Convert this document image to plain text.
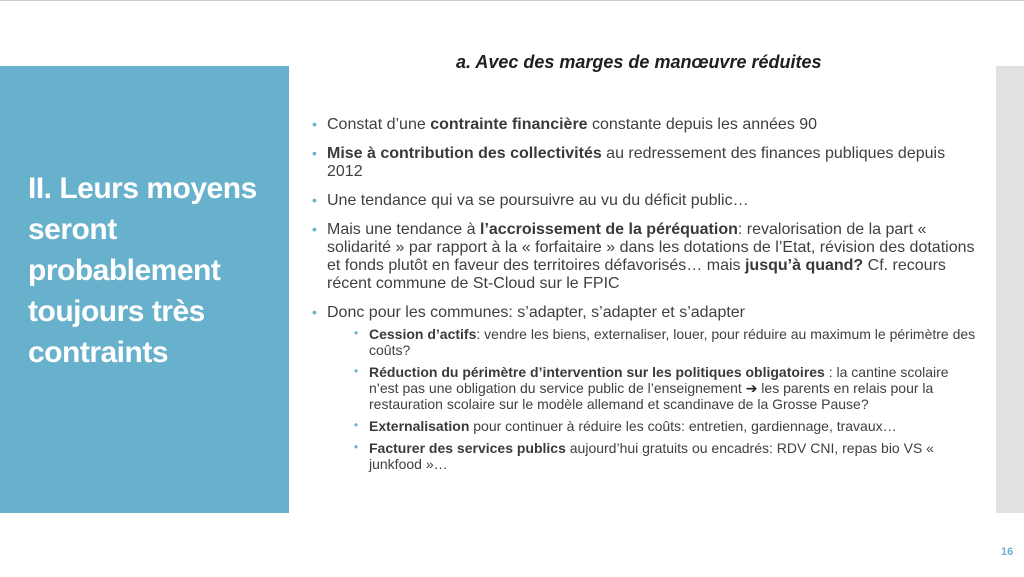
II. Leurs moyens seront probablement toujours très contraints
a. Avec des marges de manœuvre réduites
• Constat d’une contrainte financière constante depuis les années 90
• Mise à contribution des collectivités au redressement des finances publiques depuis 2012
• Une tendance qui va se poursuivre au vu du déficit public…
• Mais une tendance à l’accroissement de la péréquation: revalorisation de la part « solidarité » par rapport à la « forfaitaire » dans les dotations de l’Etat, révision des dotations et fonds plutôt en faveur des territoires défavorisés… mais jusqu’à quand? Cf. recours récent commune de St-Cloud sur le FPIC
• Donc pour les communes: s’adapter, s’adapter et s’adapter
• Cession d’actifs: vendre les biens, externaliser, louer, pour réduire au maximum le périmètre des coûts?
• Réduction du périmètre d’intervention sur les politiques obligatoires : la cantine scolaire n’est pas une obligation du service public de l’enseignement ➔ les parents en relais pour la restauration scolaire sur le modèle allemand et scandinave de la Grosse Pause?
• Externalisation pour continuer à réduire les coûts: entretien, gardiennage, travaux…
• Facturer des services publics aujourd’hui gratuits ou encadrés: RDV CNI, repas bio VS « junkfood »…
16
